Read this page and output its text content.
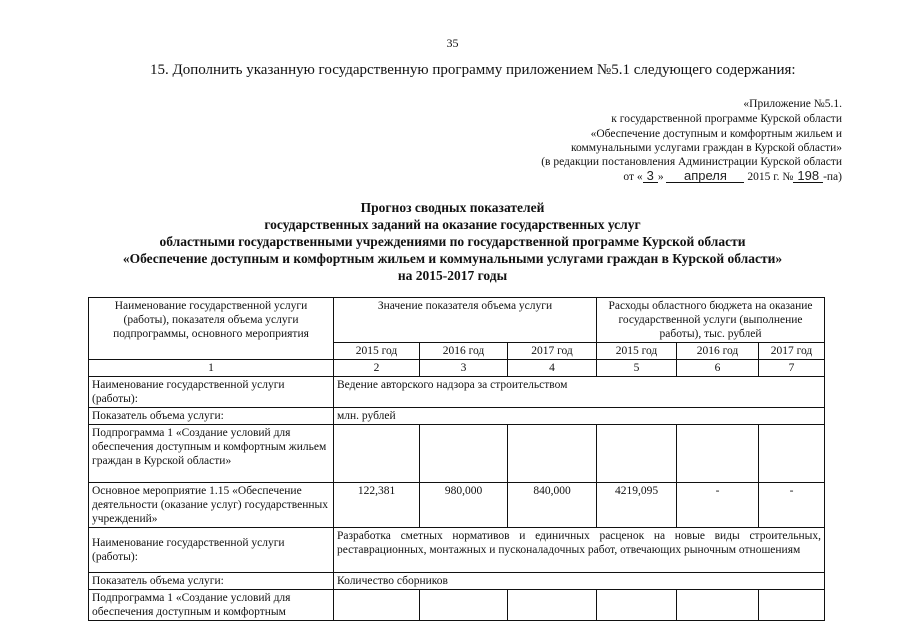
35
15. Дополнить указанную государственную программу приложением №5.1 следующего содержания:
«Приложение №5.1.
к государственной программе Курской области
«Обеспечение доступным и комфортным жильем и
коммунальными услугами граждан в Курской области»
(в редакции постановления Администрации Курской области
от « 3 » апреля 2015 г. № 198 -па)
Прогноз сводных показателей
государственных заданий на оказание государственных услуг
областными государственными учреждениями по государственной программе Курской области
«Обеспечение доступным и комфортным жильем и коммунальными услугами граждан в Курской области»
на 2015-2017 годы
Наименование государственной услуги (работы), показателя объема услуги подпрограммы, основного мероприятия	Значение показателя объема услуги			Расходы областного бюджета на оказание государственной услуги (выполнение работы), тыс. рублей		
	2015 год	2016 год	2017 год	2015 год	2016 год	2017 год
1	2	3	4	5	6	7
Наименование государственной услуги (работы):	Ведение авторского надзора за строительством					
Показатель объема услуги:	млн. рублей					
Подпрограмма 1 «Создание условий для обеспечения доступным и комфортным жильем граждан в Курской области»						
Основное мероприятие 1.15 «Обеспечение деятельности (оказание услуг) государственных учреждений»	122,381	980,000	840,000	4219,095	-	-
Наименование государственной услуги (работы):	Разработка сметных нормативов и единичных расценок на новые виды строительных, реставрационных, монтажных и пусконаладочных работ, отвечающих рыночным отношениям					
Показатель объема услуги:	Количество сборников					
Подпрограмма 1 «Создание условий для обеспечения доступным и комфортным						
